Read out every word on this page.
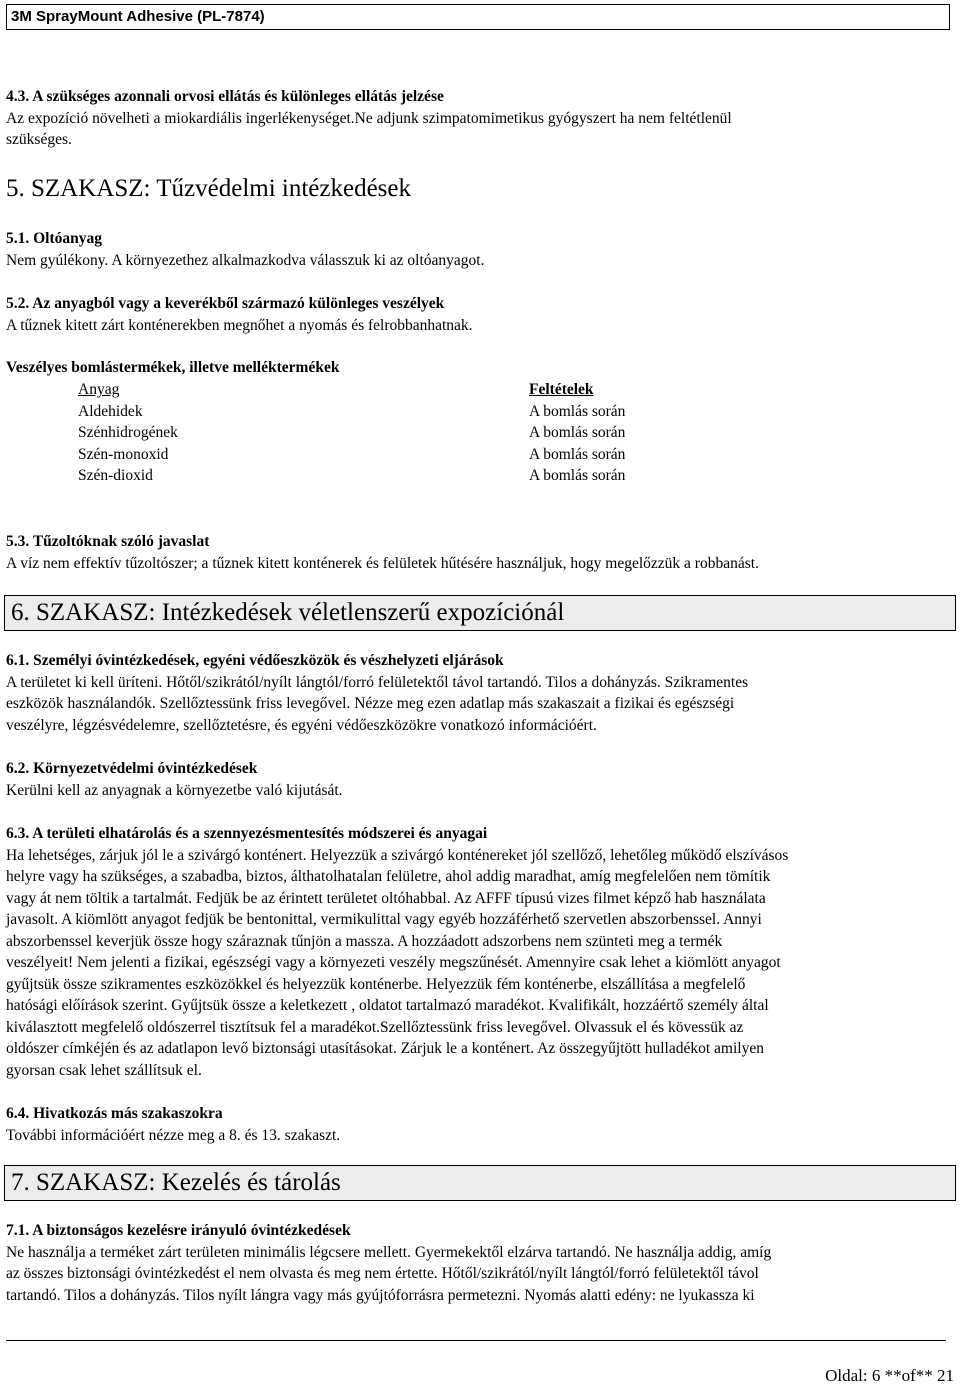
3M SprayMount Adhesive (PL-7874)
4.3. A szükséges azonnali orvosi ellátás és különleges ellátás jelzése
Az expozíció növelheti a miokardiális ingerlékenységet.Ne adjunk szimpatomimetikus gyógyszert ha nem feltétlenül
szükséges.
5. SZAKASZ: Tűzvédelmi intézkedések
5.1. Oltóanyag
Nem gyúlékony. A környezethez alkalmazkodva válasszuk ki az oltóanyagot.
5.2. Az anyagból vagy a keverékből származó különleges veszélyek
A tűznek kitett zárt konténerekben megnőhet a nyomás és felrobbanhatnak.
Veszélyes bomlástermékek, illetve melléktermékek
Anyag
Aldehidek
Szénhidrogének
Szén-monoxid
Szén-dioxid
Feltételek
A bomlás során
A bomlás során
A bomlás során
A bomlás során
5.3. Tűzoltóknak szóló javaslat
A víz nem effektív tűzoltószer; a tűznek kitett konténerek és felületek hűtésére használjuk, hogy megelőzzük a robbanást.
6. SZAKASZ: Intézkedések véletlenszerű expozíciónál
6.1. Személyi óvintézkedések, egyéni védőeszközök és vészhelyzeti eljárások
A területet ki kell üríteni. Hőtől/szikrától/nyílt lángtól/forró felületektől távol tartandó. Tilos a dohányzás. Szikramentes
eszközök használandók. Szellőztessünk friss levegővel. Nézze meg ezen adatlap más szakaszait a fizikai és egészségi
veszélyre, légzésvédelemre, szellőztetésre, és egyéni védőeszközökre vonatkozó információért.
6.2. Környezetvédelmi óvintézkedések
Kerülni kell az anyagnak a környezetbe való kijutását.
6.3. A területi elhatárolás és a szennyezésmentesítés módszerei és anyagai
Ha lehetséges, zárjuk jól le a szivárgó konténert. Helyezzük a szivárgó konténereket jól szellőző, lehetőleg működő elszívásos
helyre vagy ha szükséges, a szabadba, biztos, álthatolhatalan felületre, ahol addig maradhat, amíg megfelelően nem tömítik
vagy át nem töltik a tartalmát. Fedjük be az érintett területet oltóhabbal. Az AFFF típusú vizes filmet képző hab használata
javasolt. A kiömlött anyagot fedjük be bentonittal, vermikulittal vagy egyéb hozzáférhető szervetlen abszorbenssel. Annyi
abszorbenssel keverjük össze hogy száraznak tűnjön a massza. A hozzáadott adszorbens nem szünteti meg a termék
veszélyeit! Nem jelenti a fizikai, egészségi vagy a környezeti veszély megszűnését. Amennyire csak lehet a kiömlött anyagot
gyűjtsük össze szikramentes eszközökkel és helyezzük konténerbe. Helyezzük fém konténerbe, elszállítása a megfelelő
hatósági előírások szerint. Gyűjtsük össze a keletkezett , oldatot tartalmazó maradékot. Kvalifikált, hozzáértő személy által
kiválasztott megfelelő oldószerrel tisztítsuk fel a maradékot.Szellőztessünk friss levegővel. Olvassuk el és kövessük az
oldószer címkéjén és az adatlapon levő biztonsági utasításokat. Zárjuk le a konténert. Az összegyűjtött hulladékot amilyen
gyorsan csak lehet szállítsuk el.
6.4. Hivatkozás más szakaszokra
További információért nézze meg a 8. és 13. szakaszt.
7. SZAKASZ: Kezelés és tárolás
7.1. A biztonságos kezelésre irányuló óvintézkedések
Ne használja a terméket zárt területen minimális légcsere mellett. Gyermekektől elzárva tartandó. Ne használja addig, amíg
az összes biztonsági óvintézkedést el nem olvasta és meg nem értette. Hőtől/szikrától/nyílt lángtól/forró felületektől távol
tartandó. Tilos a dohányzás. Tilos nyílt lángra vagy más gyújtóforrásra permetezni. Nyomás alatti edény: ne lyukassza ki
Oldal: 6 **of** 21
